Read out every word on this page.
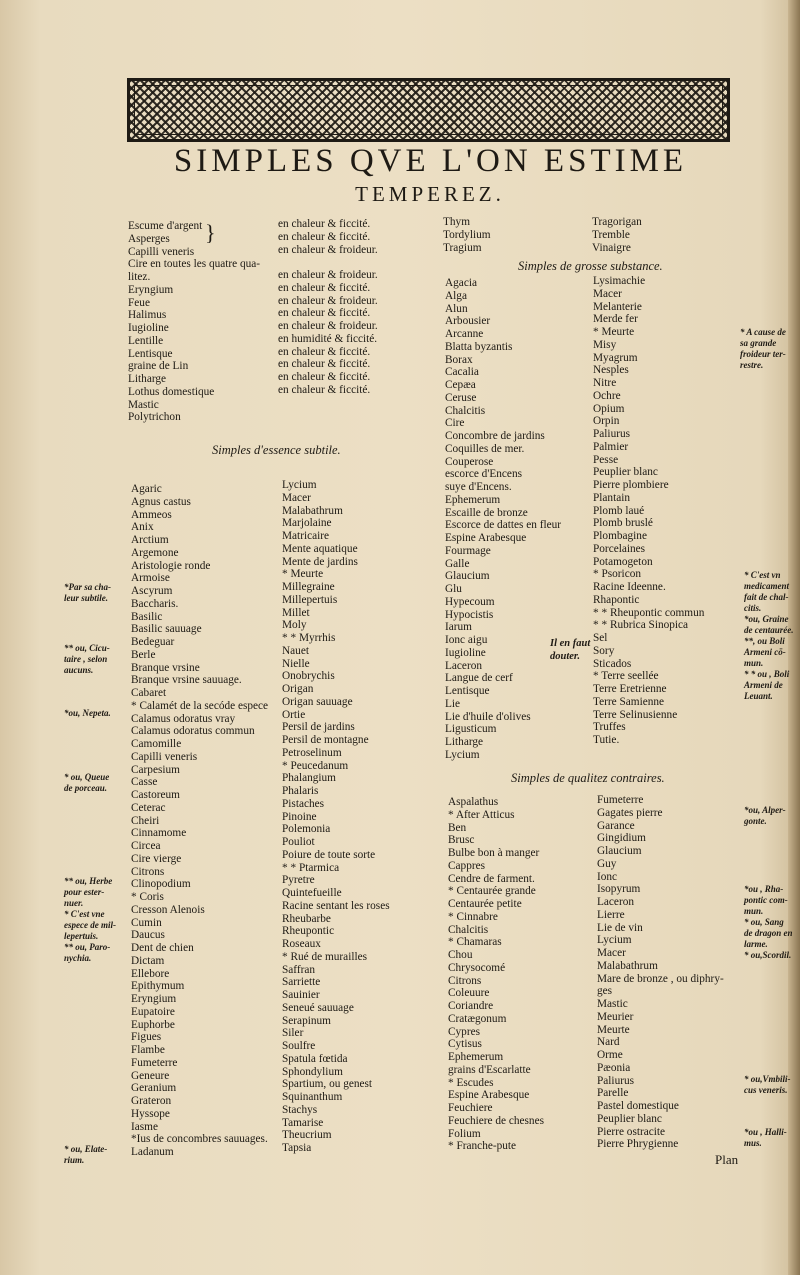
SIMPLES QVE L'ON ESTIME
TEMPEREZ.
Escume d'argent
Asperges
Capilli veneris
Cire en toutes les quatre qua-
litez.
Eryngium
Feue
Halimus
Iugioline
Lentille
Lentisque
graine de Lin
Litharge
Lothus domestique
Mastic
Polytrichon
}	en chaleur & ficcité.
en chaleur & ficcité.
en chaleur & froideur.

en chaleur & froideur.
en chaleur & ficcité.
en chaleur & froideur.
en chaleur & ficcité.
en chaleur & froideur.
en humidité & ficcité.
en chaleur & ficcité.
en chaleur & ficcité.
en chaleur & ficcité.
en chaleur & ficcité.
Simples d'essence subtile.
Agaric
Agnus castus
Ammeos
Anix
Arctium
Argemone
Aristologie ronde
Armoise
Ascyrum
Baccharis.
Basilic
Basilic sauuage
Bedeguar
Berle
Branque vrsine
Branque vrsine sauuage.
Cabaret
* Calamét de la secóde espece
Calamus odoratus vray
Calamus odoratus commun
Camomille
Capilli veneris
Carpesium
Casse
Castoreum
Ceterac
Cheiri
Cinnamome
Circea
Cire vierge
Citrons
Clinopodium
* Coris
Cresson Alenois
Cumin
Daucus
Dent de chien
Dictam
Ellebore
Epithymum
Eryngium
Eupatoire
Euphorbe
Figues
Flambe
Fumeterre
Geneure
Geranium
Grateron
Hyssope
Iasme
*Ius de concombres sauuages.
Ladanum
Lycium
Macer
Malabathrum
Marjolaine
Matricaire
Mente aquatique
Mente de jardins
* Meurte
Millegraine
Millepertuis
Millet
Moly
* * Myrrhis
Nauet
Nielle
Onobrychis
Origan
Origan sauuage
Ortie
Persil de jardins
Persil de montagne
Petroselinum
* Peucedanum
Phalangium
Phalaris
Pistaches
Pinoine
Polemonia
Pouliot
Poiure de toute sorte
* * Ptarmica
Pyretre
Quintefueille
Racine sentant les roses
Rheubarbe
Rheupontic
Roseaux
* Rué de murailles
Saffran
Sarriette
Sauinier
Seneué sauuage
Serapinum
Siler
Soulfre
Spatula fœtida
Sphondylium
Spartium, ou genest
Squinanthum
Stachys
Tamarise
Theucrium
Tapsia
Thym
Tordylium
Tragium
Tragorigan
Tremble
Vinaigre
Simples de grosse substance.
Agacia
Alga
Alun
Arbousier
Arcanne
Blatta byzantis
Borax
Cacalia
Cepæa
Ceruse
Chalcitis
Cire
Concombre de jardins
Coquilles de mer.
Couperose
escorce d'Encens
suye d'Encens.
Ephemerum
Escaille de bronze
Escorce de dattes en fleur
Espine Arabesque
Fourmage
Galle
Glaucium
Glu
Hypecoum
Hypocistis
Iarum
Ionc aigu
Iugioline
Laceron
Langue de cerf
Lentisque
Lie
Lie d'huile d'olives
Ligusticum
Litharge
Lycium
Lysimachie
Macer
Melanterie
Merde fer
* Meurte
Misy
Myagrum
Nesples
Nitre
Ochre
Opium
Orpin
Paliurus
Palmier
Pesse
Peuplier blanc
Pierre plombiere
Plantain
Plomb laué
Plomb bruslé
Plombagine
Porcelaines
Potamogeton
* Psoricon
Racine Ideenne.
Rhapontic
* * Rheupontic commun
* * Rubrica Sinopica
Sel
Sory
Sticados
* Terre seellée
Terre Eretrienne
Terre Samienne
Terre Selinusienne
Truffes
Tutie.
Il en faut
douter.
Simples de qualitez contraires.
Aspalathus
* After Atticus
Ben
Brusc
Bulbe bon à manger
Cappres
Cendre de farment.
* Centaurée grande
Centaurée petite
* Cinnabre
Chalcitis
* Chamaras
Chou
Chrysocomé
Citrons
Coleuure
Coriandre
Cratægonum
Cypres
Cytisus
Ephemerum
grains d'Escarlatte
* Escudes
Espine Arabesque
Feuchiere
Feuchiere de chesnes
Folium
* Franche-pute
Fumeterre
Gagates pierre
Garance
Gingidium
Glaucium
Guy
Ionc
Isopyrum
Laceron
Lierre
Lie de vin
Lycium
Macer
Malabathrum
Mare de bronze , ou diphry-
ges
Mastic
Meurier
Meurte
Nard
Orme
Pæonia
Paliurus
Parelle
Pastel domestique
Peuplier blanc
Pierre ostracite
Pierre Phrygienne
*Par sa cha-
leur subtile.
** ou, Cicu-
taire , selon
aucuns.
*ou, Nepeta.
* ou, Queue
de porceau.
** ou, Herbe
pour ester-
nuer.
* C'est vne
espece de mil-
lepertuis.
** ou, Paro-
nychia.
* ou, Elate-
rium.
* A cause de
sa grande
froideur ter-
restre.
* C'est vn
medicament
fait de chal-
citis.
*ou, Graine
de centaurée.
**, ou Boli
Armeni cō-
mun.
* * ou , Boli
Armeni de
Leuant.
*ou, Alper-
gonte.
*ou , Rha-
pontic com-
mun.
* ou, Sang
de dragon en
larme.
* ou,Scordil.
* ou,Vmbili-
cus veneris.
*ou , Halli-
mus.
Plan
